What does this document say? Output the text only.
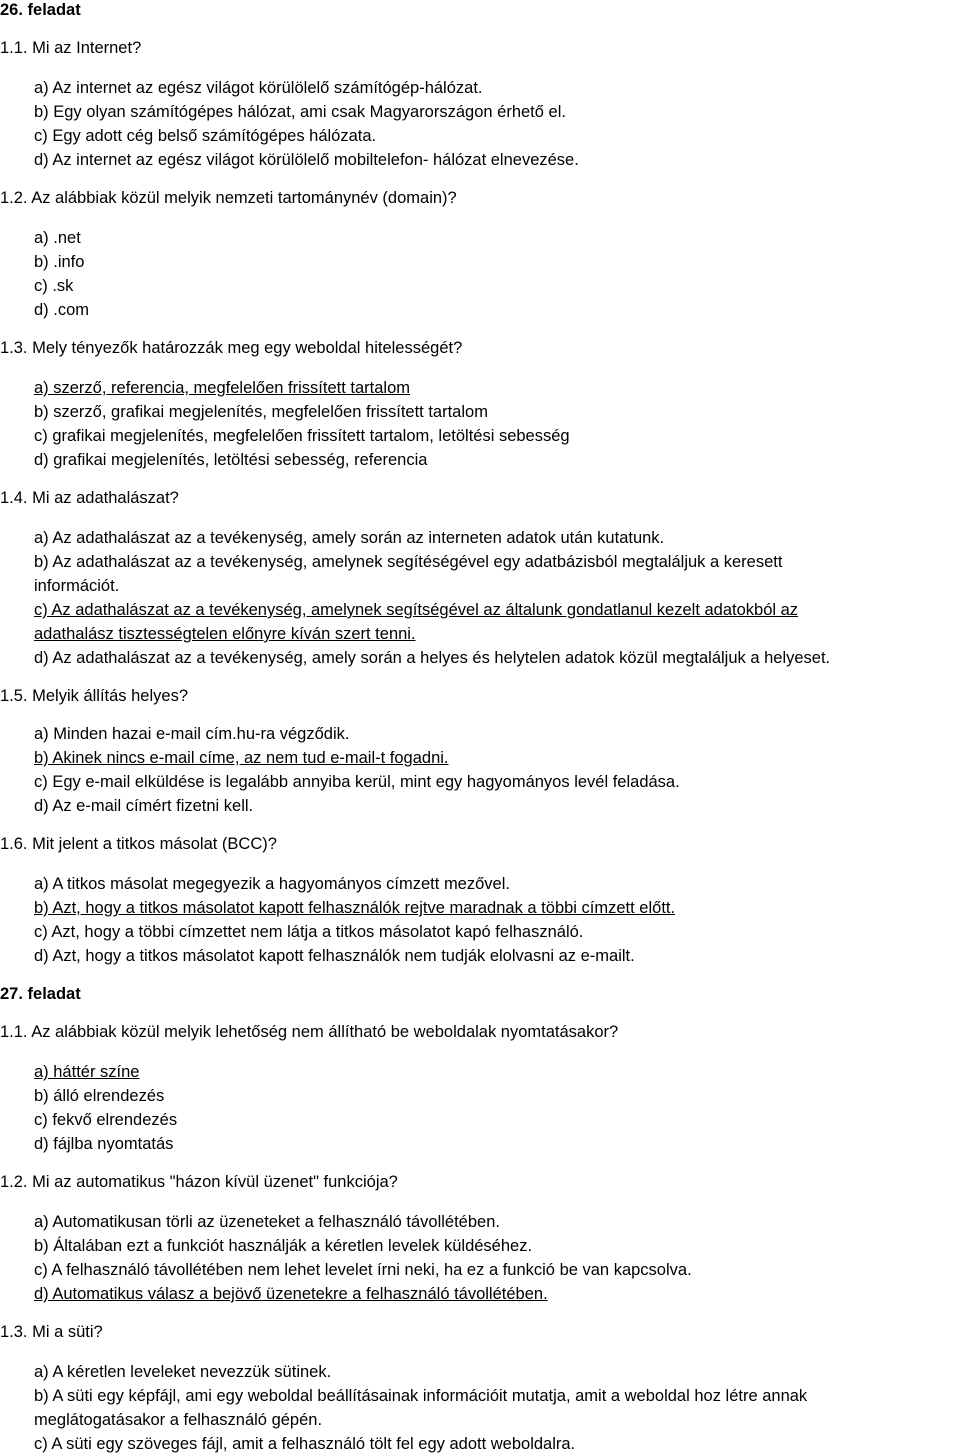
26. feladat
1.1. Mi az Internet?
a) Az internet az egész világot körülölelő számítógép-hálózat.
b) Egy olyan számítógépes hálózat, ami csak Magyarországon érhető el.
c) Egy adott cég belső számítógépes hálózata.
d) Az internet az egész világot körülölelő mobiltelefon- hálózat elnevezése.
1.2. Az alábbiak közül melyik nemzeti tartománynév (domain)?
a) .net
b) .info
c) .sk
d) .com
1.3. Mely tényezők határozzák meg egy weboldal hitelességét?
a) szerző, referencia, megfelelően frissített tartalom
b) szerző, grafikai megjelenítés, megfelelően frissített tartalom
c) grafikai megjelenítés, megfelelően frissített tartalom, letöltési sebesség
d) grafikai megjelenítés, letöltési sebesség, referencia
1.4. Mi az adathalászat?
a) Az adathalászat az a tevékenység, amely során az interneten adatok után kutatunk.
b) Az adathalászat az a tevékenység, amelynek segítéségével egy adatbázisból megtaláljuk a keresett
információt.
c) Az adathalászat az a tevékenység, amelynek segítségével az általunk gondatlanul kezelt adatokból az
adathalász tisztességtelen előnyre kíván szert tenni.
d) Az adathalászat az a tevékenység, amely során a helyes és helytelen adatok közül megtaláljuk a helyeset.
1.5. Melyik állítás helyes?
a) Minden hazai e-mail cím.hu-ra végződik.
b) Akinek nincs e-mail címe, az nem tud e-mail-t fogadni.
c) Egy e-mail elküldése is legalább annyiba kerül, mint egy hagyományos levél feladása.
d) Az e-mail címért fizetni kell.
1.6. Mit jelent a titkos másolat (BCC)?
a) A titkos másolat megegyezik a hagyományos címzett mezővel.
b) Azt, hogy a titkos másolatot kapott felhasználók rejtve maradnak a többi címzett előtt.
c) Azt, hogy a többi címzettet nem látja a titkos másolatot kapó felhasználó.
d) Azt, hogy a titkos másolatot kapott felhasználók nem tudják elolvasni az e-mailt.
27. feladat
1.1. Az alábbiak közül melyik lehetőség nem állítható be weboldalak nyomtatásakor?
a) háttér színe
b) álló elrendezés
c) fekvő elrendezés
d) fájlba nyomtatás
1.2. Mi az automatikus "házon kívül üzenet" funkciója?
a) Automatikusan törli az üzeneteket a felhasználó távollétében.
b) Általában ezt a funkciót használják a kéretlen levelek küldéséhez.
c) A felhasználó távollétében nem lehet levelet írni neki, ha ez a funkció be van kapcsolva.
d) Automatikus válasz a bejövő üzenetekre a felhasználó távollétében.
1.3. Mi a süti?
a) A kéretlen leveleket nevezzük sütinek.
b) A süti egy képfájl, ami egy weboldal beállításainak információit mutatja, amit a weboldal hoz létre annak
meglátogatásakor a felhasználó gépén.
c) A süti egy szöveges fájl, amit a felhasználó tölt fel egy adott weboldalra.
